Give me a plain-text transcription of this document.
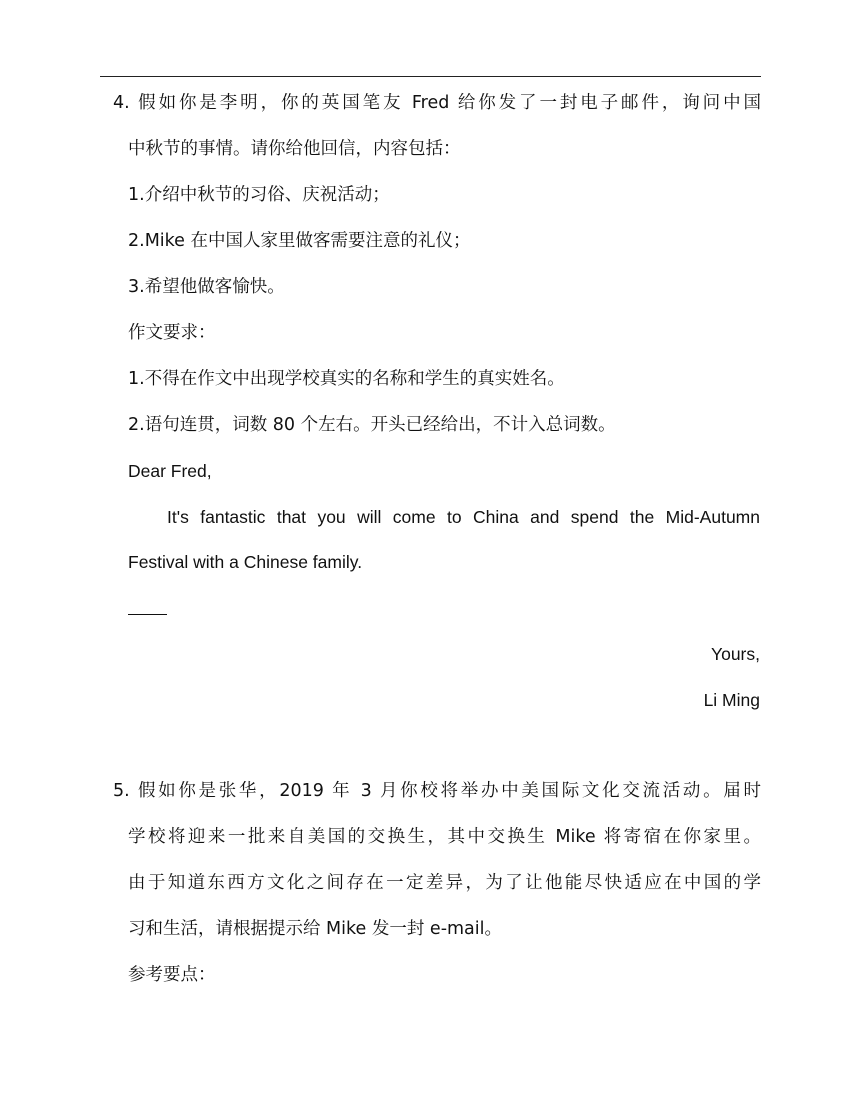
4. 假如你是李明，你的英国笔友 Fred 给你发了一封电子邮件，询问中国
中秋节的事情。请你给他回信，内容包括：
1.介绍中秋节的习俗、庆祝活动；
2.Mike 在中国人家里做客需要注意的礼仪；
3.希望他做客愉快。
作文要求：
1.不得在作文中出现学校真实的名称和学生的真实姓名。
2.语句连贯，词数 80 个左右。开头已经给出，不计入总词数。
Dear Fred,
It's fantastic that you will come to China and spend the Mid-Autumn
Festival with a Chinese family.
Yours,
Li Ming
5. 假如你是张华，2019 年 3 月你校将举办中美国际文化交流活动。届时
学校将迎来一批来自美国的交换生，其中交换生 Mike 将寄宿在你家里。
由于知道东西方文化之间存在一定差异，为了让他能尽快适应在中国的学
习和生活，请根据提示给 Mike 发一封 e-mail。
参考要点：
